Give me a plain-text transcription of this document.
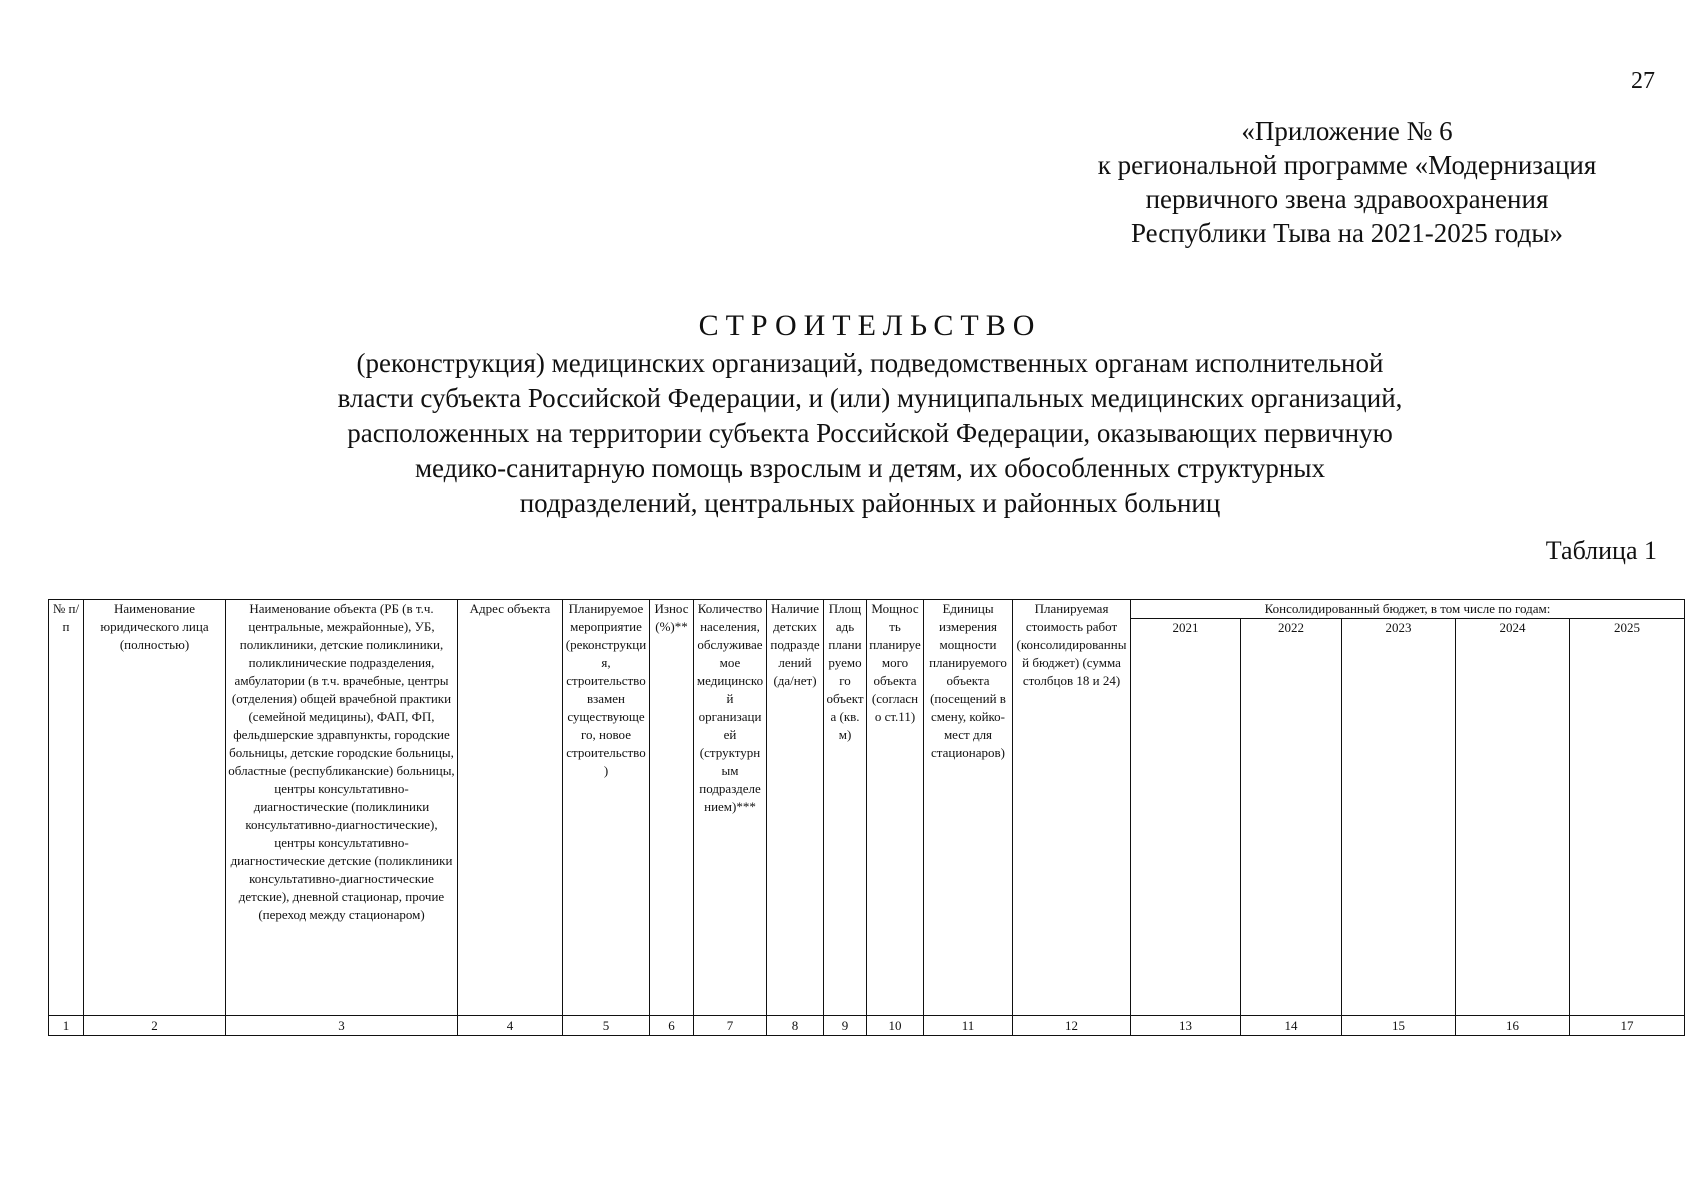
27
«Приложение № 6
к региональной программе «Модернизация
первичного звена здравоохранения
Республики Тыва на 2021-2025 годы»
СТРОИТЕЛЬСТВО
(реконструкция) медицинских организаций, подведомственных органам исполнительной
власти субъекта Российской Федерации, и (или) муниципальных медицинских организаций,
расположенных на территории субъекта Российской Федерации, оказывающих первичную
медико-санитарную помощь взрослым и детям, их обособленных структурных
подразделений, центральных районных и районных больниц
Таблица 1
№ п/п	Наименование юридического лица (полностью)	Наименование объекта (РБ (в т.ч. центральные, межрайонные), УБ, поликлиники, детские поликлиники, поликлинические подразделения, амбулатории (в т.ч. врачебные, центры (отделения) общей врачебной практики (семейной медицины), ФАП, ФП, фельдшерские здравпункты, городские больницы, детские городские больницы, областные (республиканские) больницы, центры консультативно-диагностические (поликлиники консультативно-диагностические), центры консультативно-диагностические детские (поликлиники консультативно-диагностические детские), дневной стационар, прочие (переход между стационаром)	Адрес объекта	Планируемое мероприятие (реконструкция, строительство взамен существующего, новое строительство)	Износ (%)**	Количество населения, обслуживаемое медицинской организацией (структурным подразделением)***	Наличие детских подразделений (да/нет)	Площадь планируемого объекта (кв. м)	Мощность планируемого объекта (согласно ст.11)	Единицы измерения мощности планируемого объекта (посещений в смену, койко-мест для стационаров)	Планируемая стоимость работ (консолидированный бюджет) (сумма столбцов 18 и 24)	Консолидированный бюджет, в том числе по годам:				
												2021	2022	2023	2024	2025
1	2	3	4	5	6	7	8	9	10	11	12	13	14	15	16	17
